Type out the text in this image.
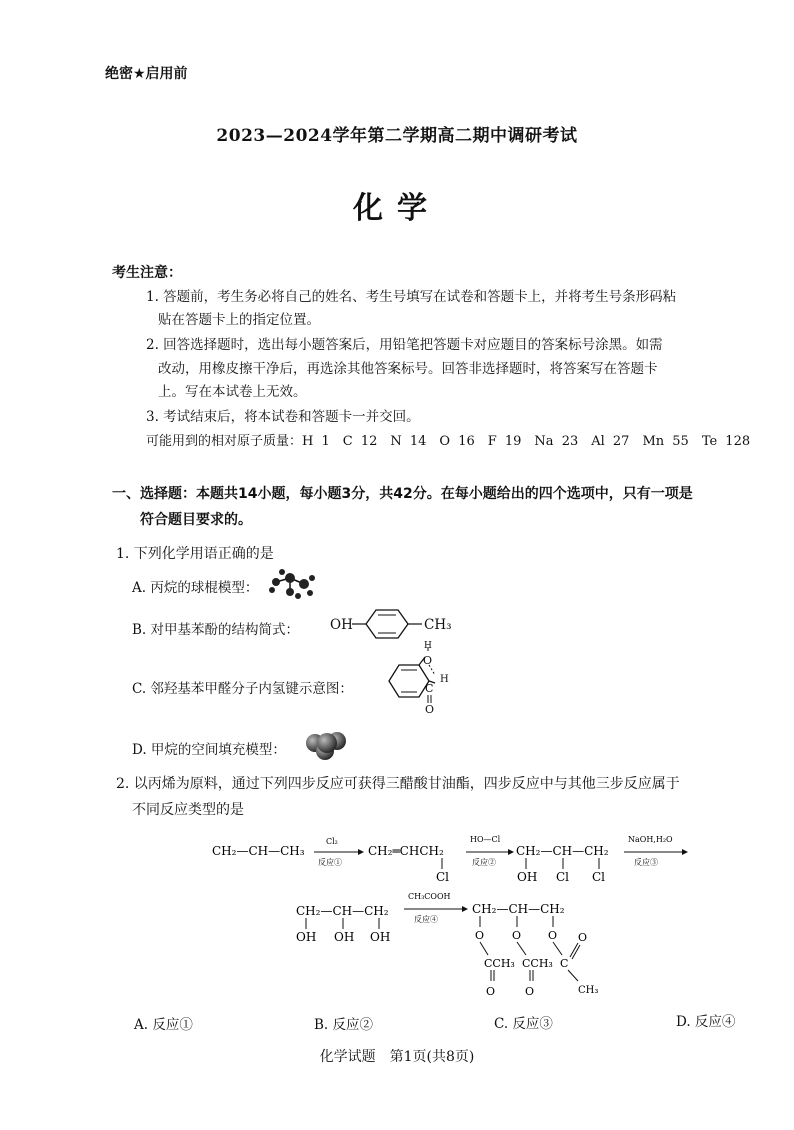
绝密★启用前
2023—2024学年第二学期高二期中调研考试
化学
考生注意：
1. 答题前，考生务必将自己的姓名、考生号填写在试卷和答题卡上，并将考生号条形码粘
贴在答题卡上的指定位置。
2. 回答选择题时，选出每小题答案后，用铅笔把答题卡对应题目的答案标号涂黑。如需
改动，用橡皮擦干净后，再选涂其他答案标号。回答非选择题时，将答案写在答题卡
上。写在本试卷上无效。
3. 考试结束后，将本试卷和答题卡一并交回。
可能用到的相对原子质量：H 1　C 12　N 14　O 16　F 19　Na 23　Al 27　Mn 55　Te 128
一、选择题：本题共14小题，每小题3分，共42分。在每小题给出的四个选项中，只有一项是
符合题目要求的。
1. 下列化学用语正确的是
A. 丙烷的球棍模型：
B. 对甲基苯酚的结构简式： OH	CH₃
C. 邻羟基苯甲醛分子内氢键示意图：
H
O
H
C
O
D. 甲烷的空间填充模型：
2. 以丙烯为原料，通过下列四步反应可获得三醋酸甘油酯，四步反应中与其他三步反应属于
不同反应类型的是
CH₂—CH—CH₃
Cl₂
反应①
CH₂═CHCH₂
Cl
HO—Cl
反应②
CH₂—CH—CH₂
OH Cl Cl
NaOH,H₂O
反应③
CH₂—CH—CH₂
OH OH OH
CH₃COOH
反应④
CH₂—CH—CH₂
O	O O
CCH₃ CCH₃ C
O	O
O
CH₃
A. 反应①	B. 反应②	C. 反应③	D. 反应④
化学试题　第1页(共8页)
